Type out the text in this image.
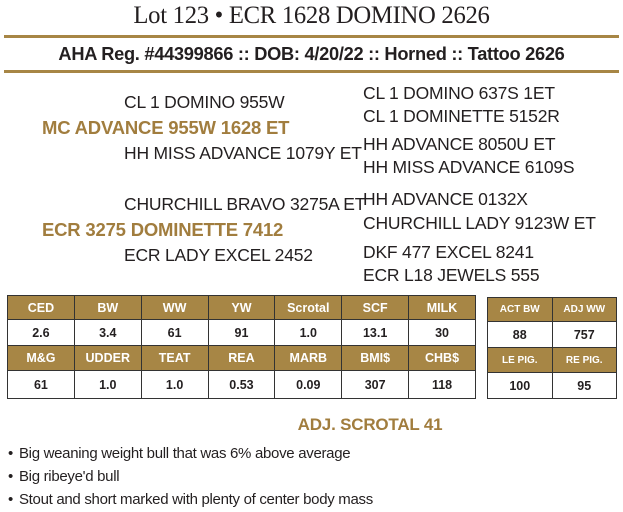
Lot 123 • ECR 1628 DOMINO 2626
AHA Reg. #44399866 :: DOB: 4/20/22 :: Horned :: Tattoo 2626
CL 1 DOMINO 955W
MC ADVANCE 955W 1628 ET
HH MISS ADVANCE 1079Y ET
CL 1 DOMINO 637S 1ET
CL 1 DOMINETTE 5152R
HH ADVANCE 8050U ET
HH MISS ADVANCE 6109S
CHURCHILL BRAVO 3275A ET
ECR 3275 DOMINETTE 7412
ECR LADY EXCEL 2452
HH ADVANCE 0132X
CHURCHILL LADY 9123W ET
DKF 477 EXCEL 8241
ECR L18 JEWELS 555
CED	BW	WW	YW	Scrotal	SCF	MILK
2.6	3.4	61	91	1.0	13.1	30
M&G	UDDER	TEAT	REA	MARB	BMI$	CHB$
61	1.0	1.0	0.53	0.09	307	118
ACT BW	ADJ WW
88	757
LE PIG.	RE PIG.
100	95
ADJ. SCROTAL 41
• Big weaning weight bull that was 6% above average
• Big ribeye'd bull
• Stout and short marked with plenty of center body mass
